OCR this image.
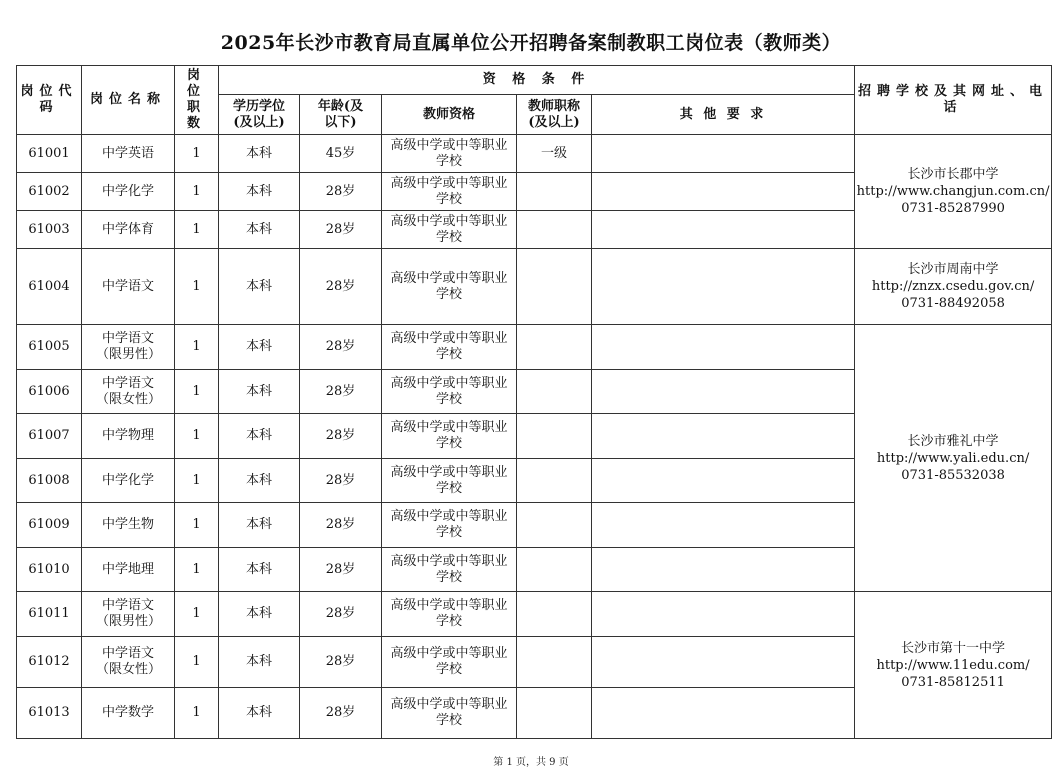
2025年长沙市教育局直属单位公开招聘备案制教职工岗位表（教师类）
岗位代码	岗位名称	岗位职数	资 格 条 件					招聘学校及其网址、电话
			学历学位(及以上)	年龄(及以下)	教师资格	教师职称(及以上)	其 他 要 求	
61001	中学英语	1	本科	45岁	高级中学或中等职业学校	一级		长沙市长郡中学
http://www.changjun.com.cn/
0731-85287990

61002	中学化学	1	本科	28岁	高级中学或中等职业学校			
61003	中学体育	1	本科	28岁	高级中学或中等职业学校			
61004	中学语文	1	本科	28岁	高级中学或中等职业学校			长沙市周南中学
http://znzx.csedu.gov.cn/
0731-88492058

61005	中学语文（限男性）	1	本科	28岁	高级中学或中等职业学校			长沙市雅礼中学
http://www.yali.edu.cn/
0731-85532038

61006	中学语文（限女性）	1	本科	28岁	高级中学或中等职业学校			
61007	中学物理	1	本科	28岁	高级中学或中等职业学校			
61008	中学化学	1	本科	28岁	高级中学或中等职业学校			
61009	中学生物	1	本科	28岁	高级中学或中等职业学校			
61010	中学地理	1	本科	28岁	高级中学或中等职业学校			
61011	中学语文（限男性）	1	本科	28岁	高级中学或中等职业学校			长沙市第十一中学
http://www.11edu.com/
0731-85812511

61012	中学语文（限女性）	1	本科	28岁	高级中学或中等职业学校			
61013	中学数学	1	本科	28岁	高级中学或中等职业学校			
第 1 页，共 9 页
